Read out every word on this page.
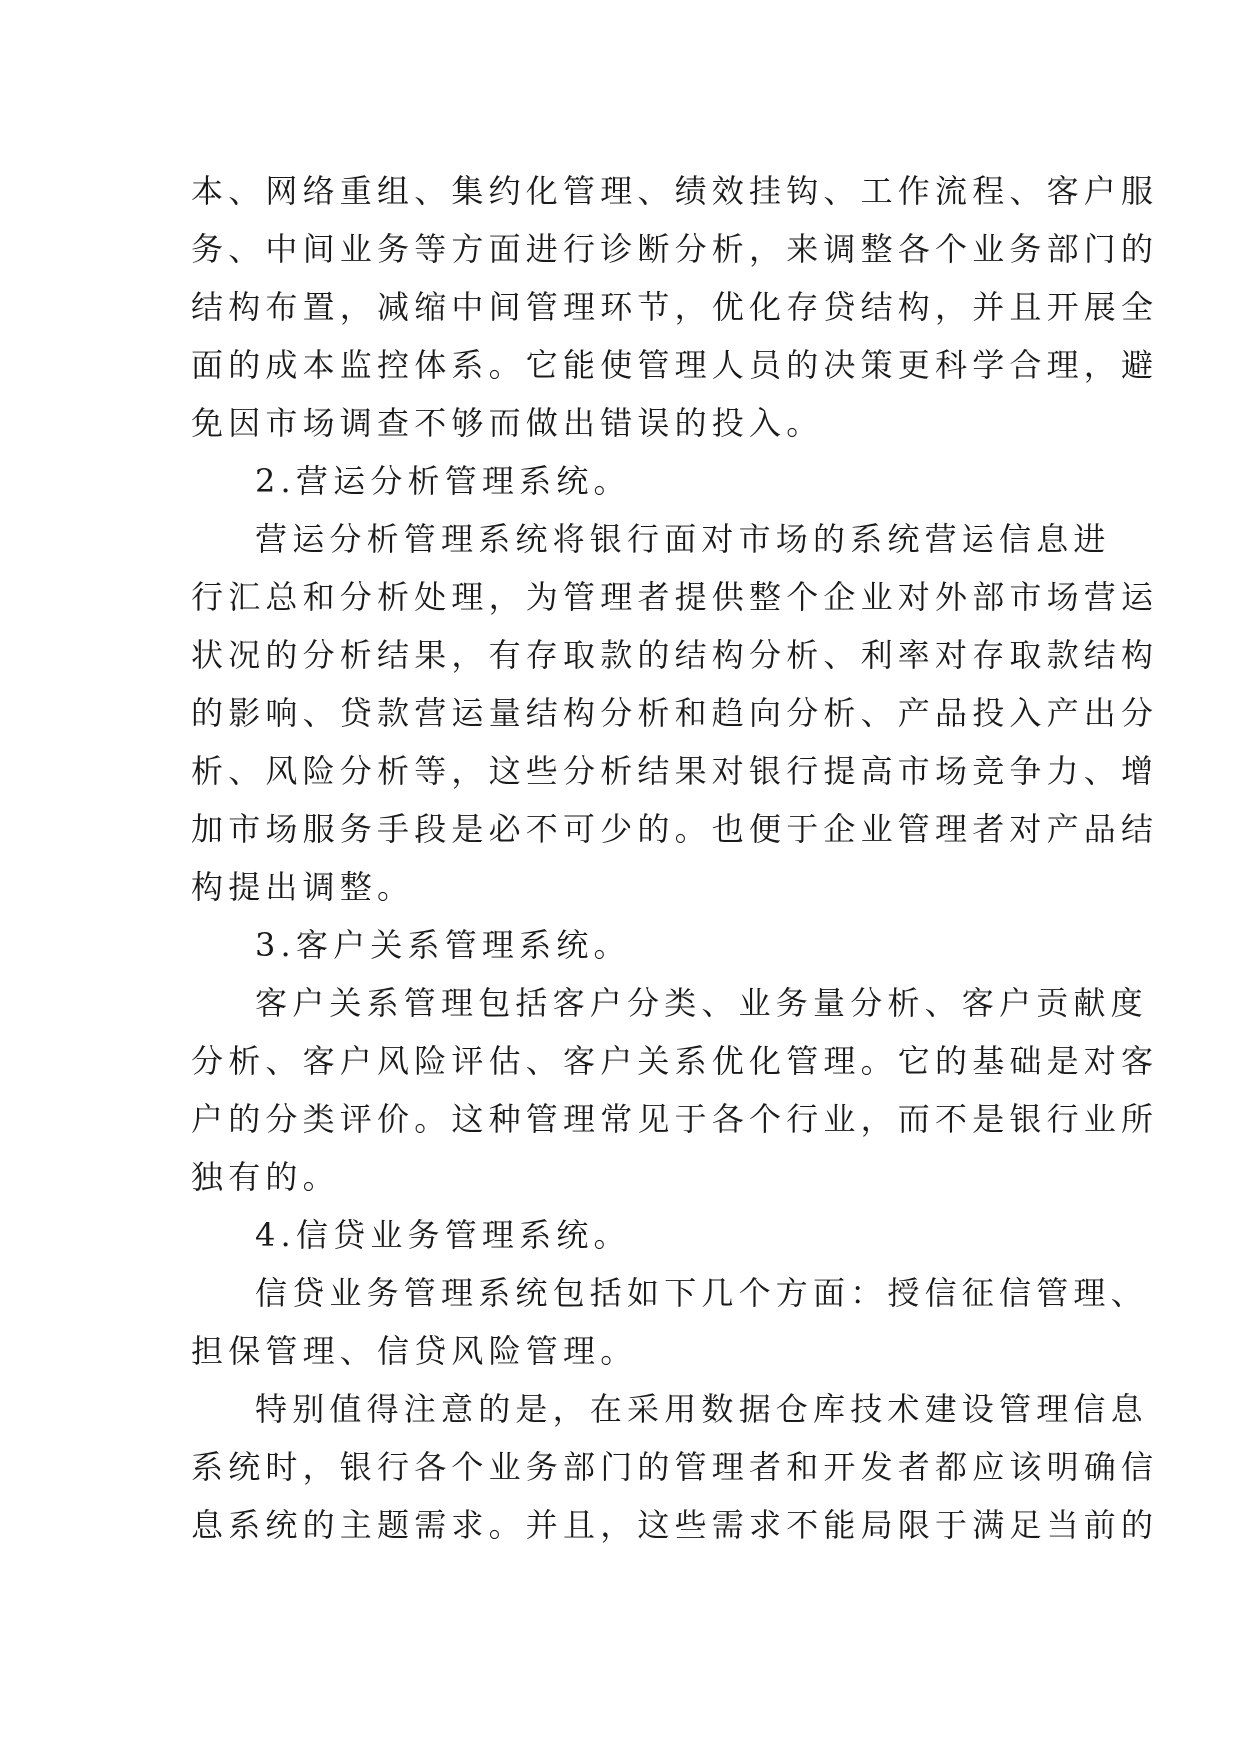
本、网络重组、集约化管理、绩效挂钩、工作流程、客户服
务、中间业务等方面进行诊断分析，来调整各个业务部门的
结构布置，减缩中间管理环节，优化存贷结构，并且开展全
面的成本监控体系。它能使管理人员的决策更科学合理，避
免因市场调查不够而做出错误的投入。
2.营运分析管理系统。
营运分析管理系统将银行面对市场的系统营运信息进
行汇总和分析处理，为管理者提供整个企业对外部市场营运
状况的分析结果，有存取款的结构分析、利率对存取款结构
的影响、贷款营运量结构分析和趋向分析、产品投入产出分
析、风险分析等，这些分析结果对银行提高市场竞争力、增
加市场服务手段是必不可少的。也便于企业管理者对产品结
构提出调整。
3.客户关系管理系统。
客户关系管理包括客户分类、业务量分析、客户贡献度
分析、客户风险评估、客户关系优化管理。它的基础是对客
户的分类评价。这种管理常见于各个行业，而不是银行业所
独有的。
4.信贷业务管理系统。
信贷业务管理系统包括如下几个方面：授信征信管理、
担保管理、信贷风险管理。
特别值得注意的是，在采用数据仓库技术建设管理信息
系统时，银行各个业务部门的管理者和开发者都应该明确信
息系统的主题需求。并且，这些需求不能局限于满足当前的
